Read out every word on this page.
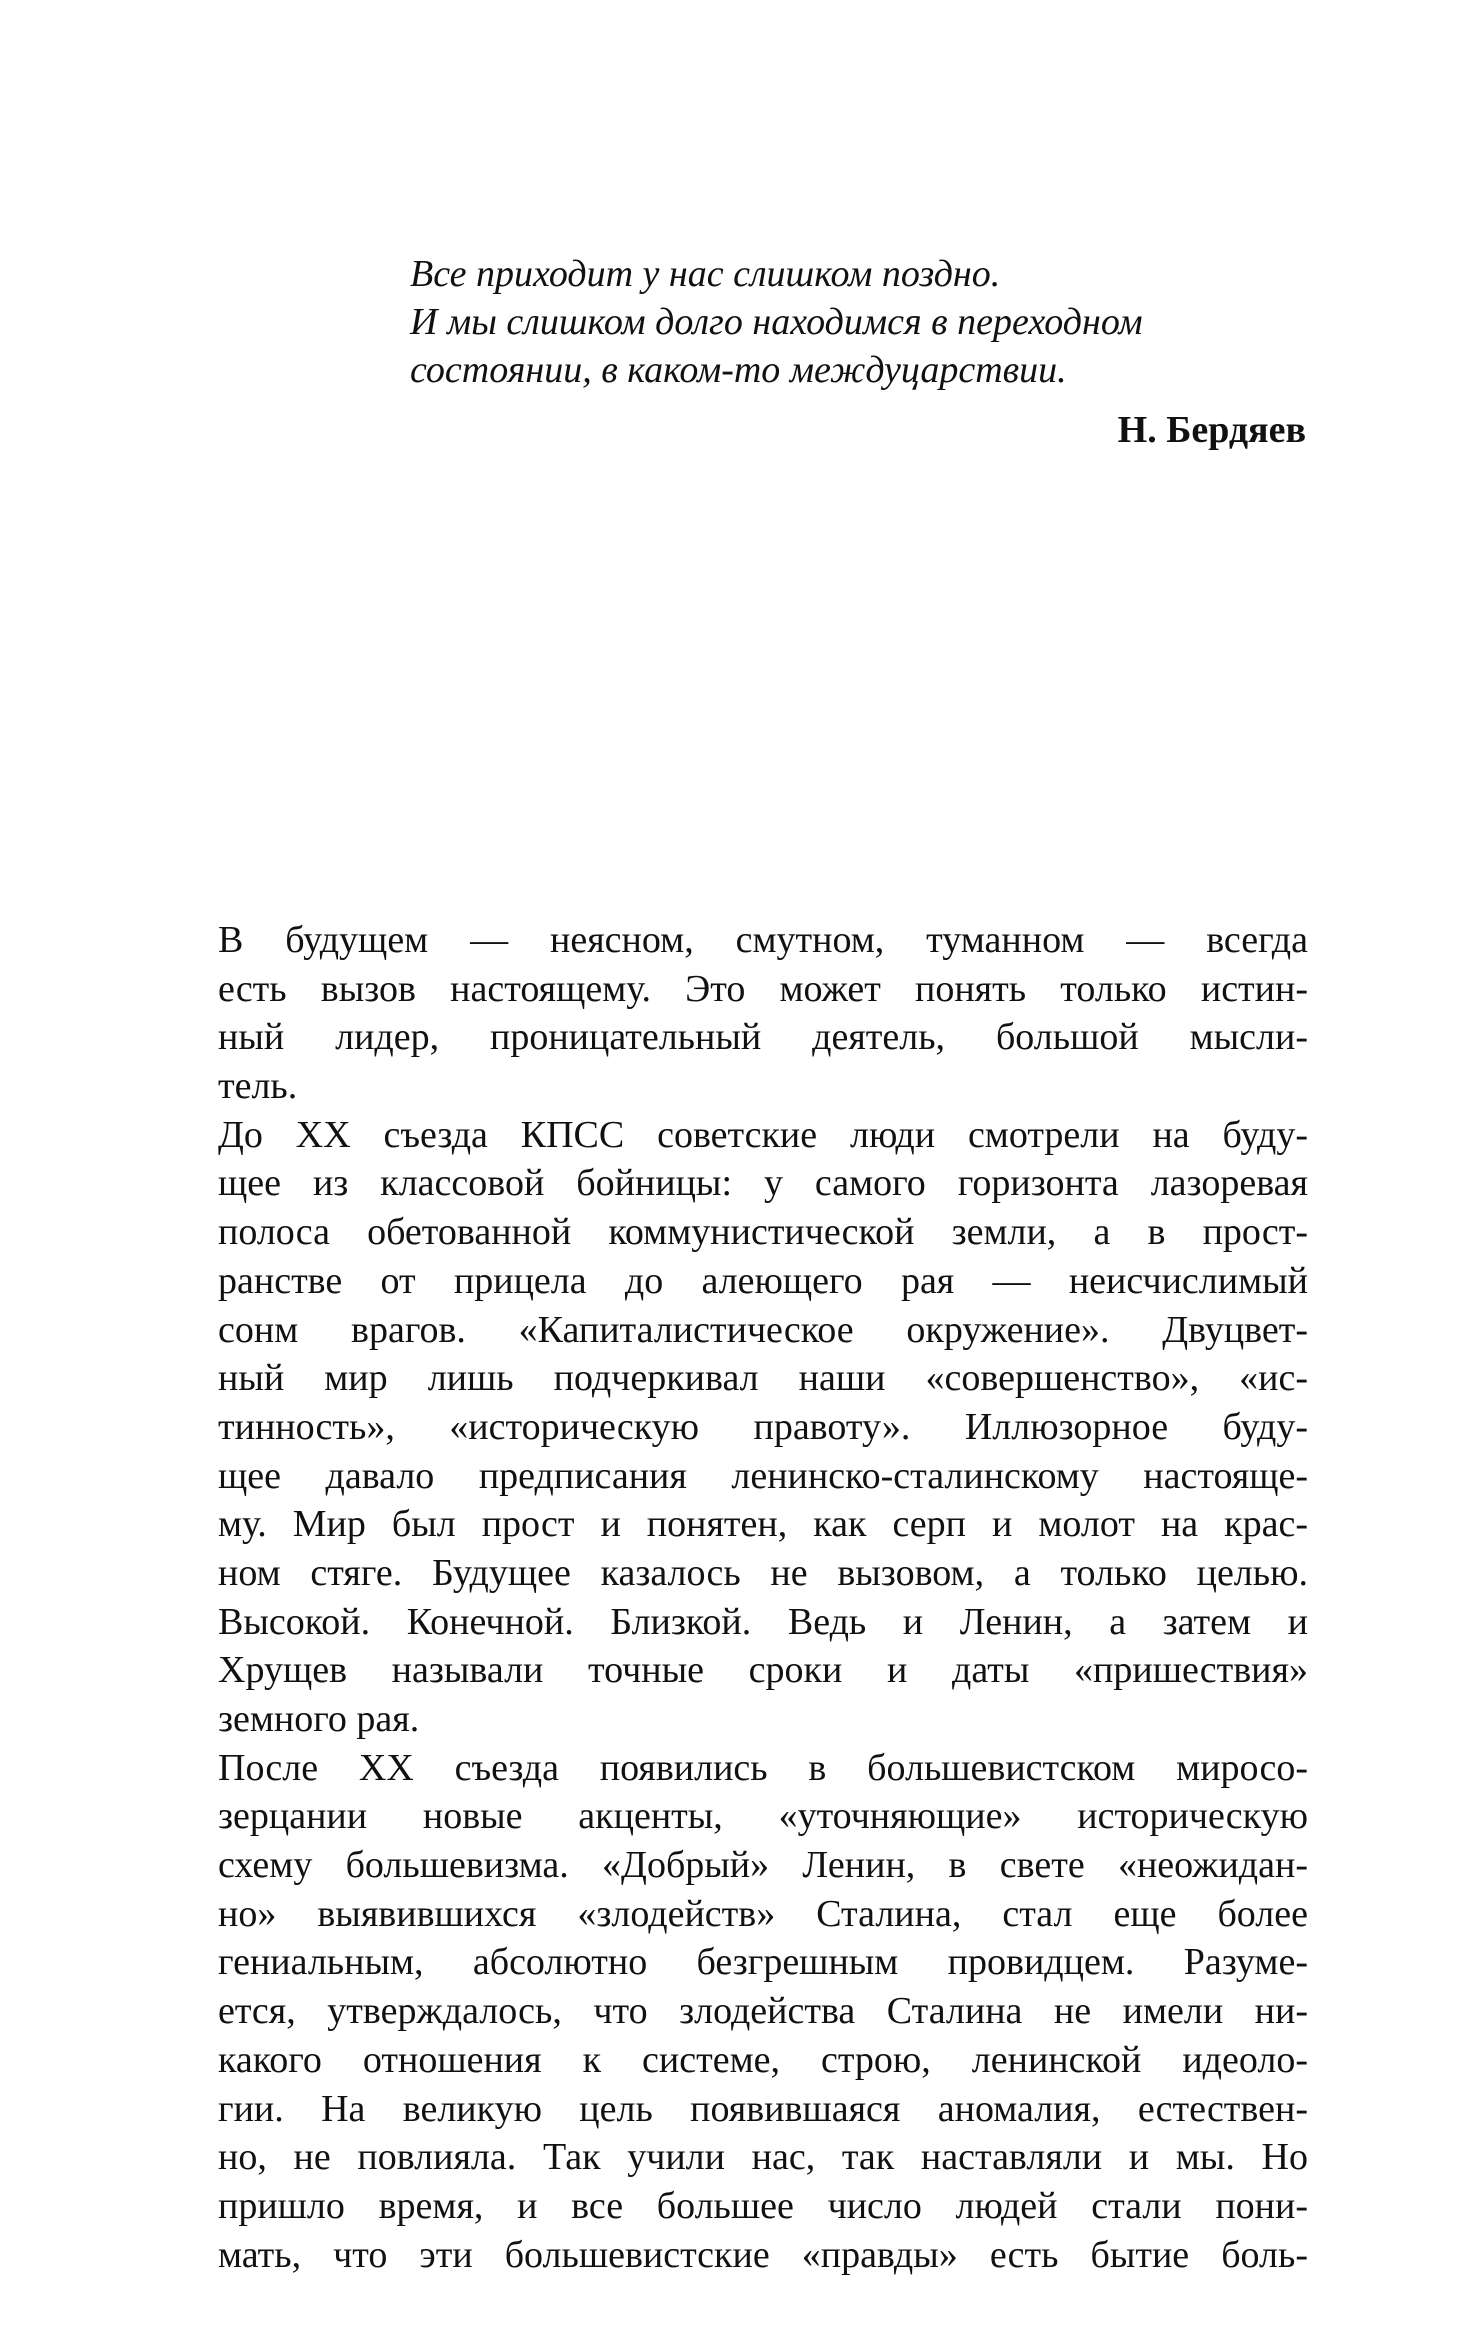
Все приходит у нас слишком поздно.
И мы слишком долго находимся в переходном
состоянии, в каком-то междуцарствии.
Н. Бердяев
В будущем — неясном, смутном, туманном — всегда
есть вызов настоящему. Это может понять только истин-
ный лидер, проницательный деятель, большой мысли-
тель.
До XX съезда КПСС советские люди смотрели на буду-
щее из классовой бойницы: у самого горизонта лазоревая
полоса обетованной коммунистической земли, а в прост-
ранстве от прицела до алеющего рая — неисчислимый
сонм врагов. «Капиталистическое окружение». Двуцвет-
ный мир лишь подчеркивал наши «совершенство», «ис-
тинность», «историческую правоту». Иллюзорное буду-
щее давало предписания ленинско-сталинскому настояще-
му. Мир был прост и понятен, как серп и молот на крас-
ном стяге. Будущее казалось не вызовом, а только целью.
Высокой. Конечной. Близкой. Ведь и Ленин, а затем и
Хрущев называли точные сроки и даты «пришествия»
земного рая.
После XX съезда появились в большевистском миросо-
зерцании новые акценты, «уточняющие» историческую
схему большевизма. «Добрый» Ленин, в свете «неожидан-
но» выявившихся «злодейств» Сталина, стал еще более
гениальным, абсолютно безгрешным провидцем. Разуме-
ется, утверждалось, что злодейства Сталина не имели ни-
какого отношения к системе, строю, ленинской идеоло-
гии. На великую цель появившаяся аномалия, естествен-
но, не повлияла. Так учили нас, так наставляли и мы. Но
пришло время, и все большее число людей стали пони-
мать, что эти большевистские «правды» есть бытие боль-
